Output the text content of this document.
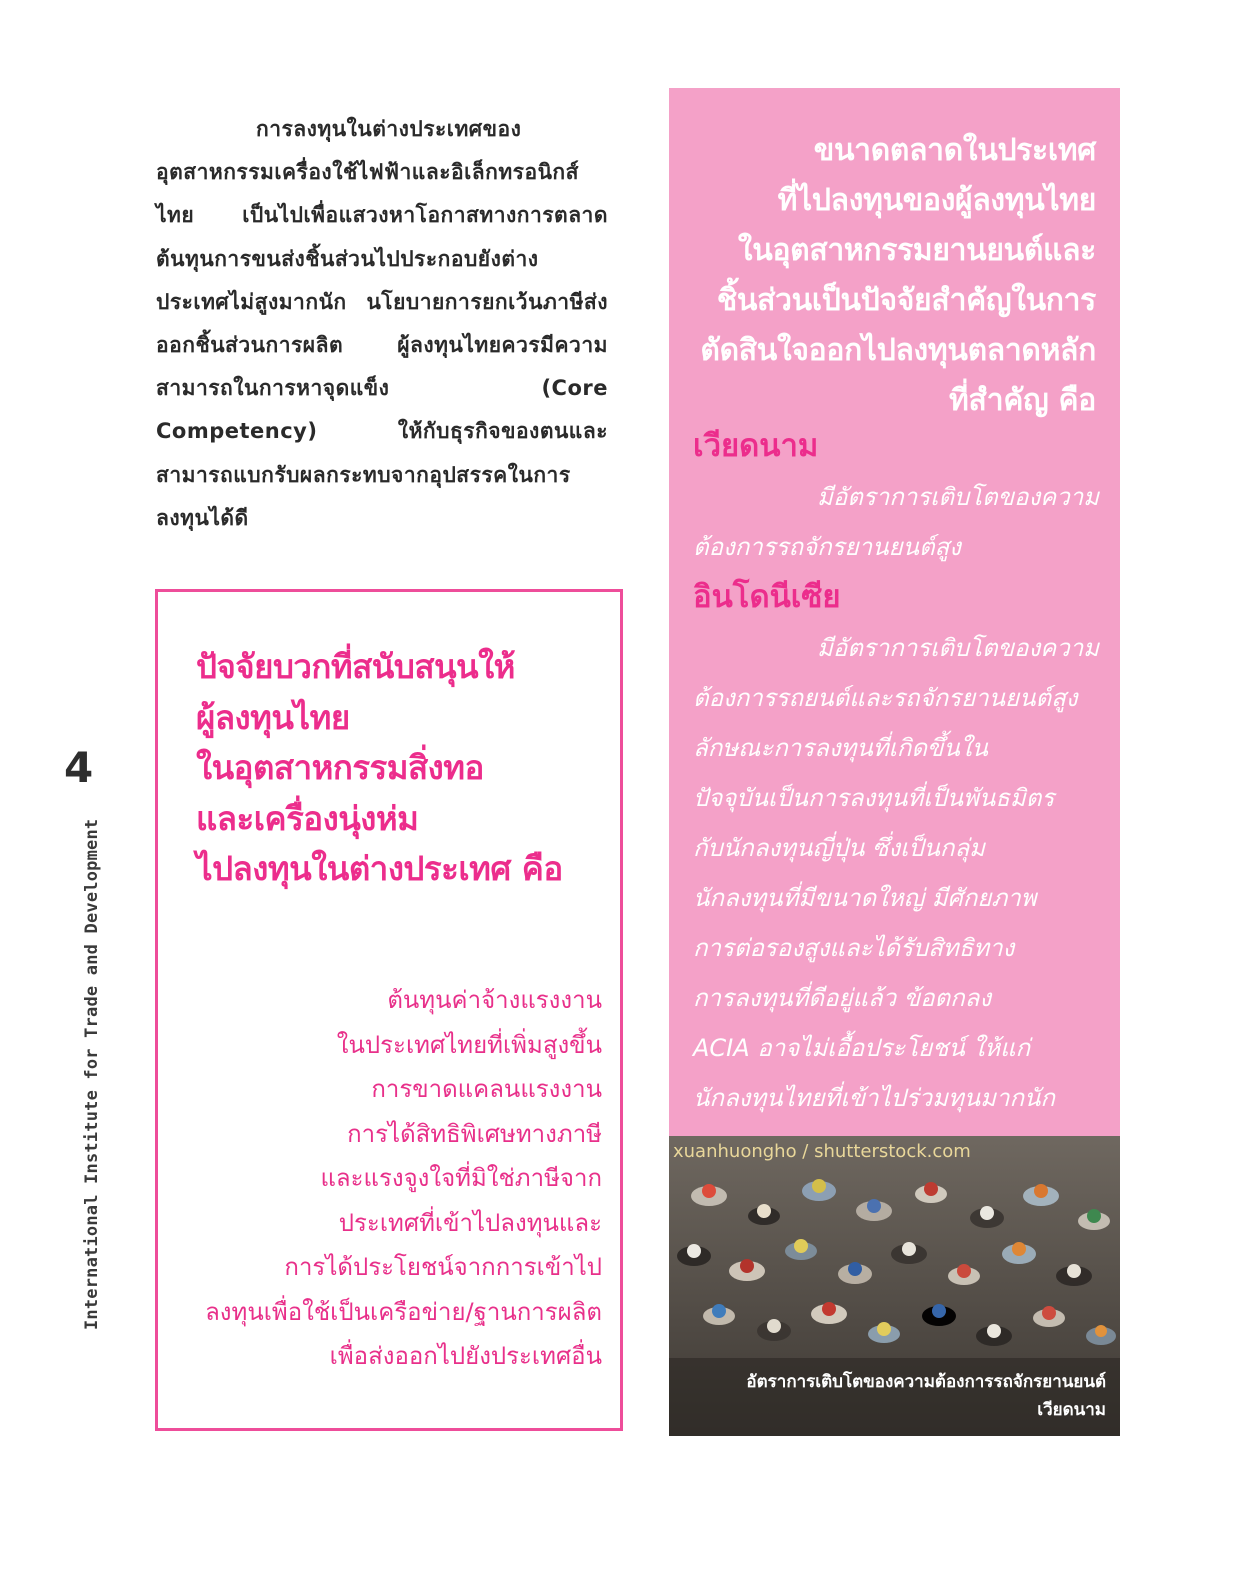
การลงทุนในต่างประเทศของอุตสาหกรรมเครื่องใช้ไฟฟ้าและอิเล็กทรอนิกส์ไทย เป็นไปเพื่อแสวงหาโอกาสทางการตลาด ต้นทุนการขนส่งชิ้นส่วนไปประกอบยังต่างประเทศไม่สูงมากนัก นโยบายการยกเว้นภาษีส่งออกชิ้นส่วนการผลิต ผู้ลงทุนไทยควรมีความสามารถในการหาจุดแข็ง (Core Competency) ให้กับธุรกิจของตนและสามารถแบกรับผลกระทบจากอุปสรรคในการลงทุนได้ดี

4

International Institute for Trade and Development

ปัจจัยบวกที่สนับสนุนให้
ผู้ลงทุนไทย
ในอุตสาหกรรมสิ่งทอ
และเครื่องนุ่งห่ม
ไปลงทุนในต่างประเทศ คือ

ต้นทุนค่าจ้างแรงงาน
ในประเทศไทยที่เพิ่มสูงขึ้น
การขาดแคลนแรงงาน
การได้สิทธิพิเศษทางภาษี
และแรงจูงใจที่มิใช่ภาษีจาก
ประเทศที่เข้าไปลงทุนและ
การได้ประโยชน์จากการเข้าไป
ลงทุนเพื่อใช้เป็นเครือข่าย/ฐานการผลิต
เพื่อส่งออกไปยังประเทศอื่น

ขนาดตลาดในประเทศ
ที่ไปลงทุนของผู้ลงทุนไทย
ในอุตสาหกรรมยานยนต์และ
ชิ้นส่วนเป็นปัจจัยสำคัญในการ
ตัดสินใจออกไปลงทุนตลาดหลัก
ที่สำคัญ คือ
เวียดนาม

มีอัตราการเติบโตของความ
ต้องการรถจักรยานยนต์สูง

อินโดนีเซีย

มีอัตราการเติบโตของความ
ต้องการรถยนต์และรถจักรยานยนต์สูง
ลักษณะการลงทุนที่เกิดขึ้นใน
ปัจจุบันเป็นการลงทุนที่เป็นพันธมิตร
กับนักลงทุนญี่ปุ่น ซึ่งเป็นกลุ่ม
นักลงทุนที่มีขนาดใหญ่ มีศักยภาพ
การต่อรองสูงและได้รับสิทธิทาง
การลงทุนที่ดีอยู่แล้ว ข้อตกลง
ACIA อาจไม่เอื้อประโยชน์ ให้แก่
นักลงทุนไทยที่เข้าไปร่วมทุนมากนัก

xuanhuongho / shutterstock.com

อัตราการเติบโตของความต้องการรถจักรยานยนต์

เวียดนาม
